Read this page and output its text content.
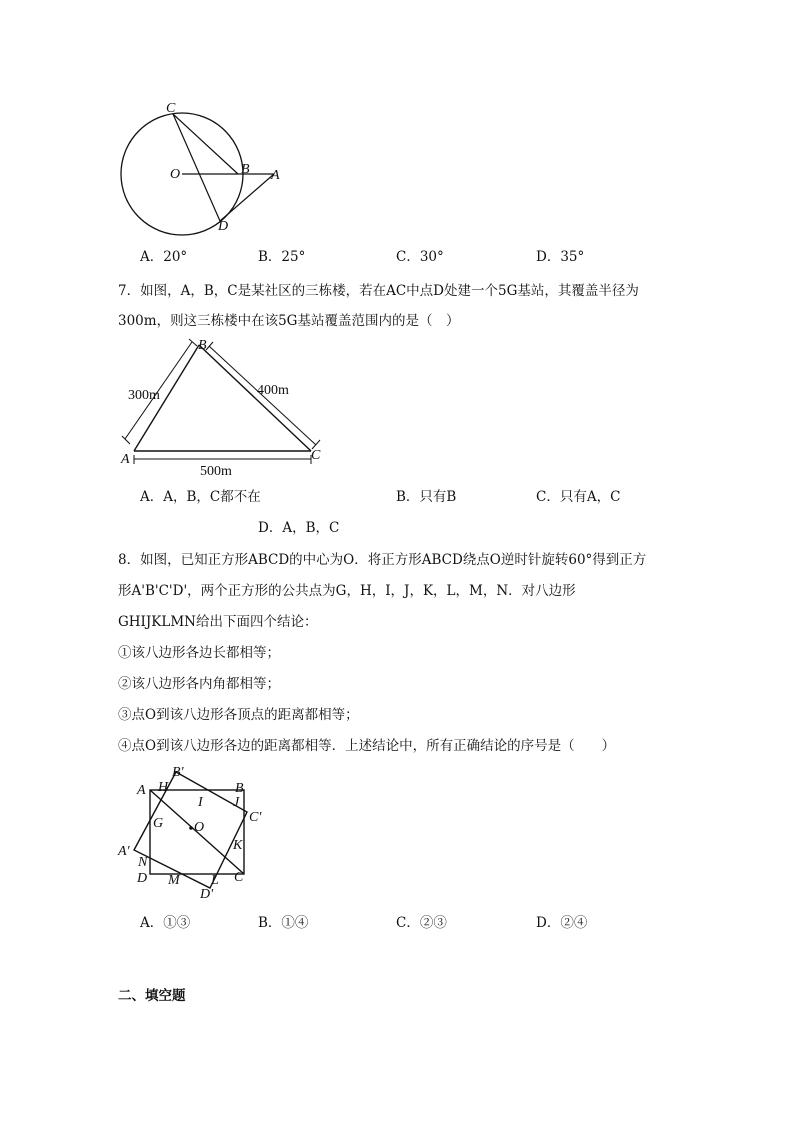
C
O	B A
D
A．20°	B．25°	C．30°	D．35°
7．如图，A，B，C是某社区的三栋楼，若在AC中点D处建一个5G基站，其覆盖半径为
300m，则这三栋楼中在该5G基站覆盖范围内的是（　）
A
B
C
300m	400m
500m
A．A，B，C都不在	B．只有B	C．只有A，C
D．A，B，C
8．如图，已知正方形ABCD的中心为O．将正方形ABCD绕点O逆时针旋转60°得到正方
形A'B'C'D'，两个正方形的公共点为G，H，I，J，K，L，M，N．对八边形
GHIJKLMN给出下面四个结论：
①该八边形各边长都相等；
②该八边形各内角都相等；
③点O到该八边形各顶点的距离都相等；
④点O到该八边形各边的距离都相等．上述结论中，所有正确结论的序号是（　　）
A	B
C
D
A'
B'
C'
D'
O
G
H
I J
K
L
M
N
A．①③	B．①④	C．②③	D．②④
二、填空题
